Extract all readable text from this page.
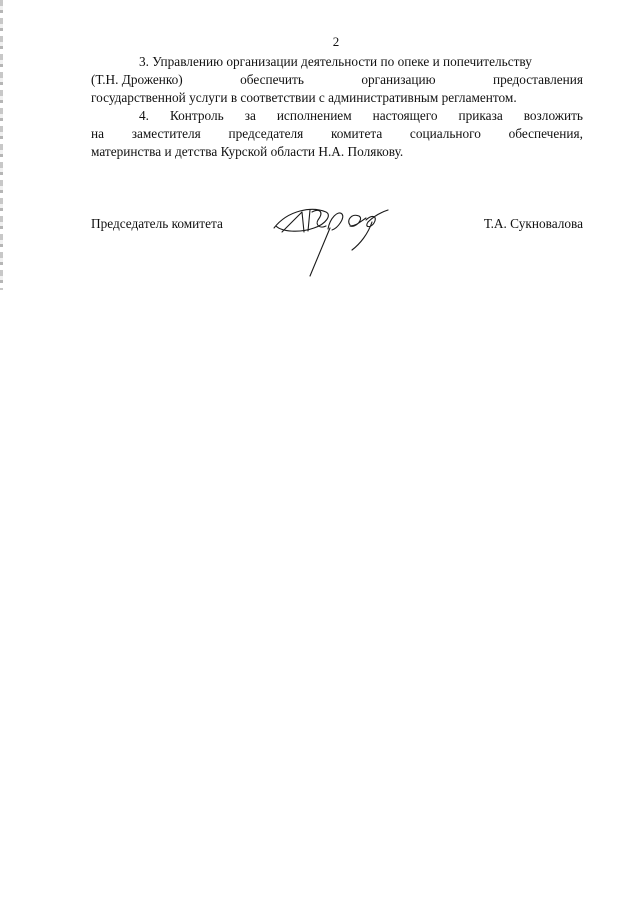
2

3. Управлению организации деятельности по опеке и попечительству
(Т.Н. Дроженко)	обеспечить	организацию	предоставления
государственной услуги в соответствии с административным регламентом.

4. Контроль за исполнением настоящего приказа возложить
на заместителя председателя комитета социального обеспечения,
материнства и детства Курской области Н.А. Полякову.

Председатель комитета	Т.А. Сукновалова
